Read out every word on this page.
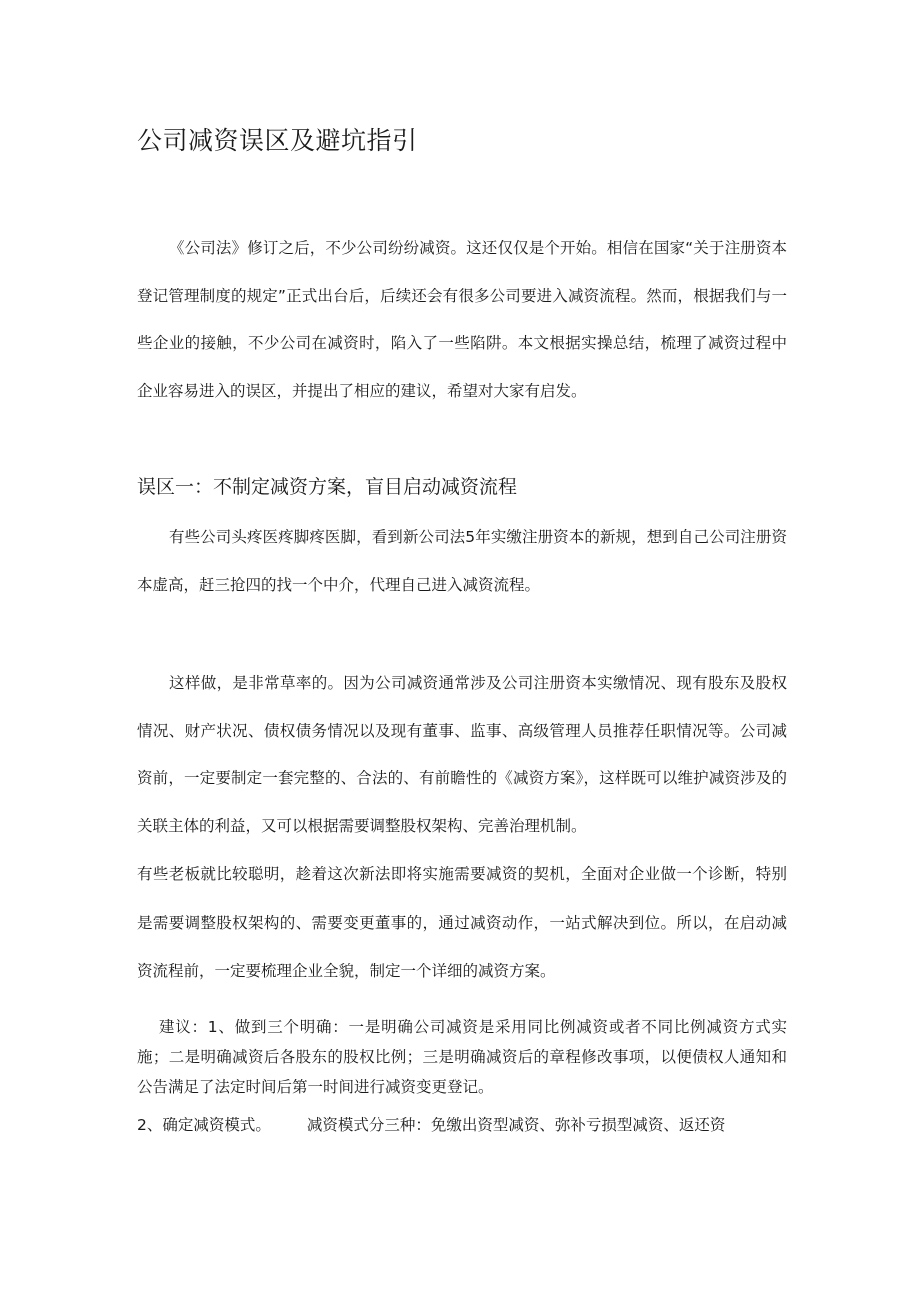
公司减资误区及避坑指引

《公司法》修订之后，不少公司纷纷减资。这还仅仅是个开始。相信在国家“关于注册资本登记管理制度的规定”正式出台后，后续还会有很多公司要进入减资流程。然而，根据我们与一些企业的接触，不少公司在减资时，陷入了一些陷阱。本文根据实操总结，梳理了减资过程中企业容易进入的误区，并提出了相应的建议，希望对大家有启发。

误区一：不制定减资方案，盲目启动减资流程

有些公司头疼医疼脚疼医脚，看到新公司法5年实缴注册资本的新规，想到自己公司注册资本虚高，赶三抢四的找一个中介，代理自己进入减资流程。

这样做，是非常草率的。因为公司减资通常涉及公司注册资本实缴情况、现有股东及股权情况、财产状况、债权债务情况以及现有董事、监事、高级管理人员推荐任职情况等。公司减资前，一定要制定一套完整的、合法的、有前瞻性的《减资方案》，这样既可以维护减资涉及的关联主体的利益，又可以根据需要调整股权架构、完善治理机制。

有些老板就比较聪明，趁着这次新法即将实施需要减资的契机，全面对企业做一个诊断，特别是需要调整股权架构的、需要变更董事的，通过减资动作，一站式解决到位。所以，在启动减资流程前，一定要梳理企业全貌，制定一个详细的减资方案。

建议：1、做到三个明确：一是明确公司减资是采用同比例减资或者不同比例减资方式实施；二是明确减资后各股东的股权比例；三是明确减资后的章程修改事项，以便债权人通知和公告满足了法定时间后第一时间进行减资变更登记。

2、确定减资模式。 减资模式分三种：免缴出资型减资、弥补亏损型减资、返还资
